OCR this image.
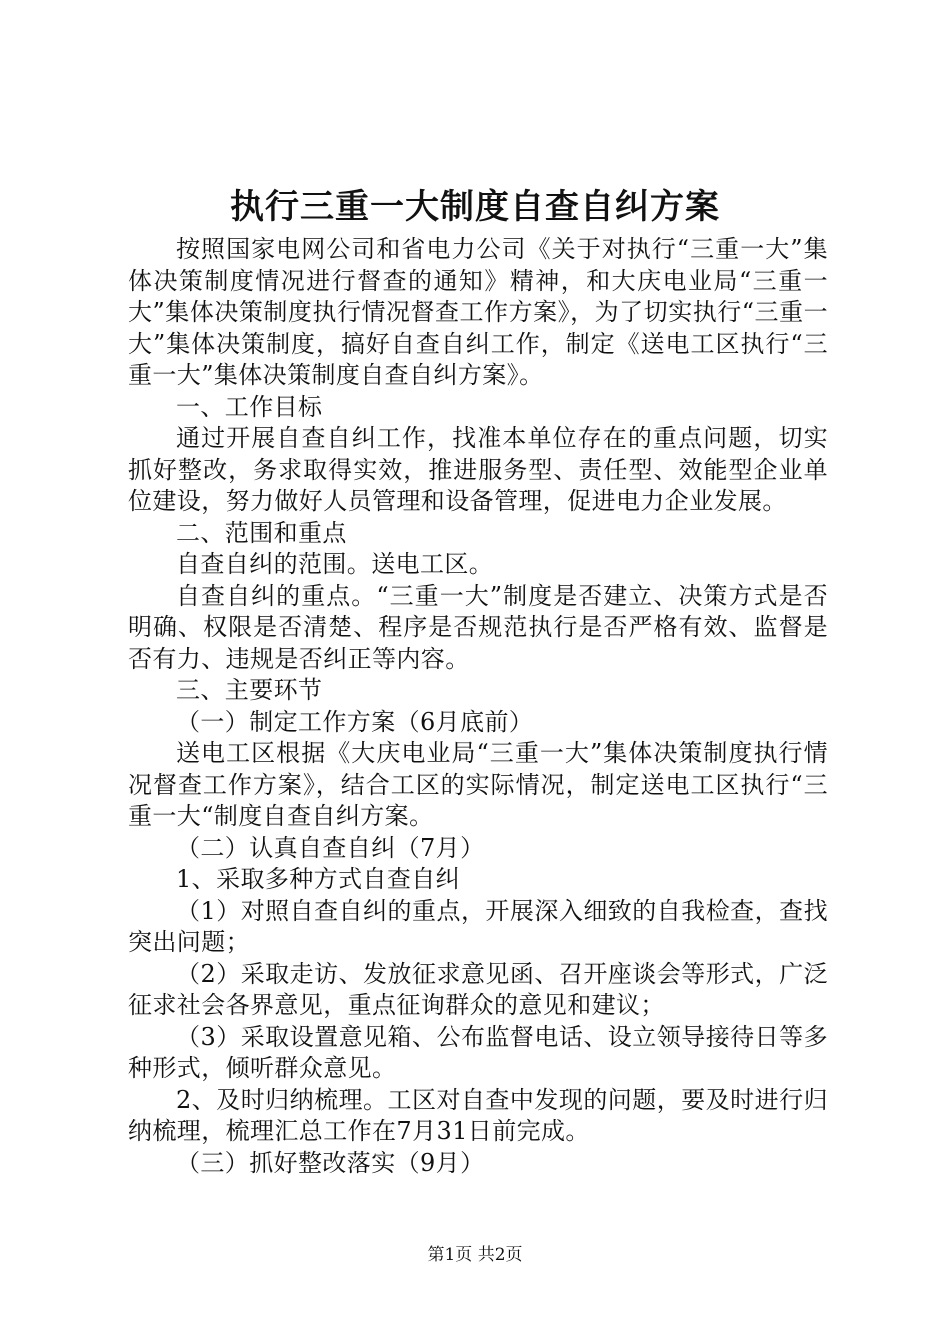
执行三重一大制度自查自纠方案

按照国家电网公司和省电力公司《关于对执行“三重一大”集体决策制度情况进行督查的通知》精神，和大庆电业局“三重一大”集体决策制度执行情况督查工作方案》，为了切实执行“三重一大”集体决策制度，搞好自查自纠工作，制定《送电工区执行“三重一大”集体决策制度自查自纠方案》。

一、工作目标

通过开展自查自纠工作，找准本单位存在的重点问题，切实抓好整改，务求取得实效，推进服务型、责任型、效能型企业单位建设，努力做好人员管理和设备管理，促进电力企业发展。

二、范围和重点

自查自纠的范围。送电工区。

自查自纠的重点。“三重一大”制度是否建立、决策方式是否明确、权限是否清楚、程序是否规范执行是否严格有效、监督是否有力、违规是否纠正等内容。

三、主要环节

（一）制定工作方案（6月底前）

送电工区根据《大庆电业局“三重一大”集体决策制度执行情况督查工作方案》，结合工区的实际情况，制定送电工区执行“三重一大“制度自查自纠方案。

（二）认真自查自纠（7月）

1、采取多种方式自查自纠

（1）对照自查自纠的重点，开展深入细致的自我检查，查找突出问题；

（2）采取走访、发放征求意见函、召开座谈会等形式，广泛征求社会各界意见，重点征询群众的意见和建议；

（3）采取设置意见箱、公布监督电话、设立领导接待日等多种形式，倾听群众意见。

2、及时归纳梳理。工区对自查中发现的问题，要及时进行归纳梳理，梳理汇总工作在7月31日前完成。

（三）抓好整改落实（9月）

第1页 共2页
